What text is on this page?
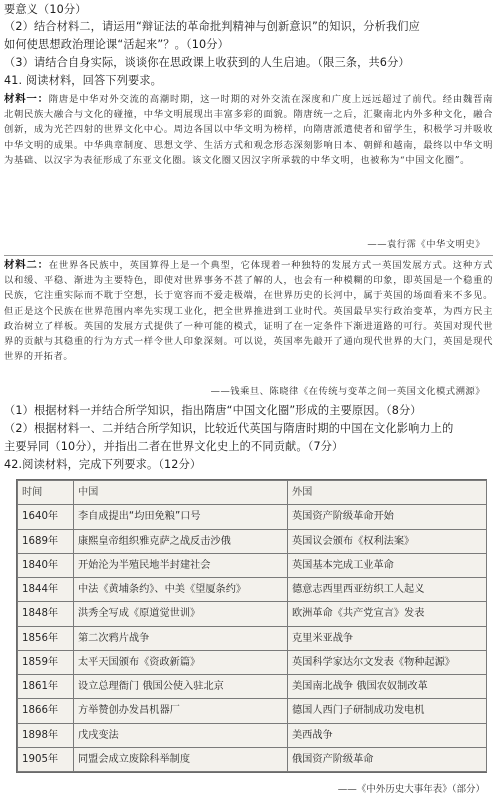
要意义（10分）
（2）结合材料二，请运用“辩证法的革命批判精神与创新意识”的知识，分析我们应
如何使思想政治理论课“活起来”？。（10分）
（3）请结合自身实际，谈谈你在思政课上收获到的人生启迪。（限三条，共6分）
41. 阅读材料，回答下列要求。
材料一：隋唐是中华对外交流的高潮时期，这一时期的对外交流在深度和广度上远远超过了前代。经由魏晋南北朝民族大融合与文化的碰撞，中华文明展现出丰富多彩的面貌。隋唐统一之后，汇聚南北内外多种文化，融合创新，成为光芒四射的世界文化中心。周边各国以中华文明为榜样，向隋唐派遣使者和留学生，积极学习并吸收中华文明的成果。中华典章制度、思想文学、生活方式和观念形态深刻影响日本、朝鲜和越南，最终以中华文明为基础、以汉字为表征形成了东亚文化圈。该文化圈又因汉字所承载的中华文明，也被称为“中国文化圈”。
——袁行霈《中华文明史》
材料二：在世界各民族中，英国算得上是一个典型，它体现着一种独特的发展方式一英国发展方式。这种方式以和缓、平稳、渐进为主要特色，即使对世界事务不甚了解的人，也会有一种模糊的印象，即英国是一个稳重的民族，它注重实际而不耽于空想，长于宽容而不爱走极端，在世界历史的长河中，属于英国的场面看来不多见。但正是这个民族在世界范围内率先实现工业化，把全世界推进到工业时代。英国最早实行政治变革，为西方民主政治树立了样板。英国的发展方式提供了一种可能的模式，证明了在一定条件下渐进道路的可行。英国对现代世界的贡献与其稳重的行为方式一样令世人印象深刻。可以说，英国率先敲开了通向现代世界的大门，英国是现代世界的开拓者。
——钱乘旦、陈晓律《在传统与变革之间一英国文化模式溯源》
（1）根据材料一并结合所学知识，指出隋唐“中国文化圈”形成的主要原因。（8分）
（2）根据材料一、二并结合所学知识，比较近代英国与隋唐时期的中国在文化影响力上的
主要异同（10分），并指出二者在世界文化史上的不同贡献。（7分）
42.阅读材料，完成下列要求。（12分）
时间	中国	外国
1640年	李自成提出“均田免粮”口号	英国资产阶级革命开始
1689年	康熙皇帝组织雅克萨之战反击沙俄	英国议会颁布《权利法案》
1840年	开始沦为半殖民地半封建社会	英国基本完成工业革命
1844年	中法《黄埔条约》、中美《望厦条约》	德意志西里西亚纺织工人起义
1848年	洪秀全写成《原道觉世训》	欧洲革命《共产党宣言》发表
1856年	第二次鸦片战争	克里米亚战争
1859年	太平天国颁布《资政新篇》	英国科学家达尔文发表《物种起源》
1861年	设立总理衙门 俄国公使入驻北京	美国南北战争 俄国农奴制改革
1866年	方举赞创办发昌机器厂	德国人西门子研制成功发电机
1898年	戊戌变法	美西战争
1905年	同盟会成立废除科举制度	俄国资产阶级革命
——《中外历史大事年表》（部分）
